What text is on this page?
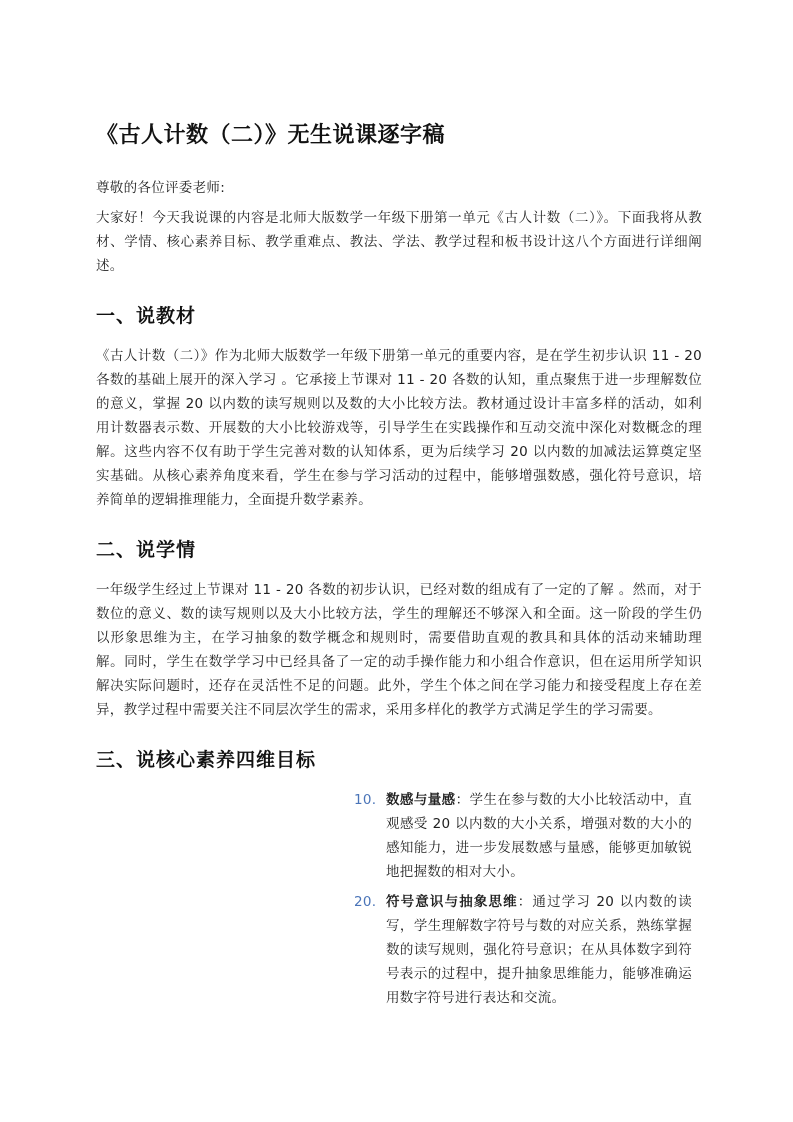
《古人计数（二）》无生说课逐字稿

尊敬的各位评委老师:

大家好！今天我说课的内容是北师大版数学一年级下册第一单元《古人计数（二）》。下面我将从教材、学情、核心素养目标、教学重难点、教法、学法、教学过程和板书设计这八个方面进行详细阐述。

一、说教材

《古人计数（二）》作为北师大版数学一年级下册第一单元的重要内容，是在学生初步认识 11 - 20 各数的基础上展开的深入学习 。它承接上节课对 11 - 20 各数的认知，重点聚焦于进一步理解数位的意义，掌握 20 以内数的读写规则以及数的大小比较方法。教材通过设计丰富多样的活动，如利用计数器表示数、开展数的大小比较游戏等，引导学生在实践操作和互动交流中深化对数概念的理解。这些内容不仅有助于学生完善对数的认知体系，更为后续学习 20 以内数的加减法运算奠定坚实基础。从核心素养角度来看，学生在参与学习活动的过程中，能够增强数感，强化符号意识，培养简单的逻辑推理能力，全面提升数学素养。

二、说学情

一年级学生经过上节课对 11 - 20 各数的初步认识，已经对数的组成有了一定的了解 。然而，对于数位的意义、数的读写规则以及大小比较方法，学生的理解还不够深入和全面。这一阶段的学生仍以形象思维为主，在学习抽象的数学概念和规则时，需要借助直观的教具和具体的活动来辅助理解。同时，学生在数学学习中已经具备了一定的动手操作能力和小组合作意识，但在运用所学知识解决实际问题时，还存在灵活性不足的问题。此外，学生个体之间在学习能力和接受程度上存在差异，教学过程中需要关注不同层次学生的需求，采用多样化的教学方式满足学生的学习需要。

三、说核心素养四维目标
10. 数感与量感：学生在参与数的大小比较活动中，直观感受 20 以内数的大小关系，增强对数的大小的感知能力，进一步发展数感与量感，能够更加敏锐地把握数的相对大小。
20. 符号意识与抽象思维：通过学习 20 以内数的读写，学生理解数字符号与数的对应关系，熟练掌握数的读写规则，强化符号意识；在从具体数字到符号表示的过程中，提升抽象思维能力，能够准确运用数字符号进行表达和交流。
